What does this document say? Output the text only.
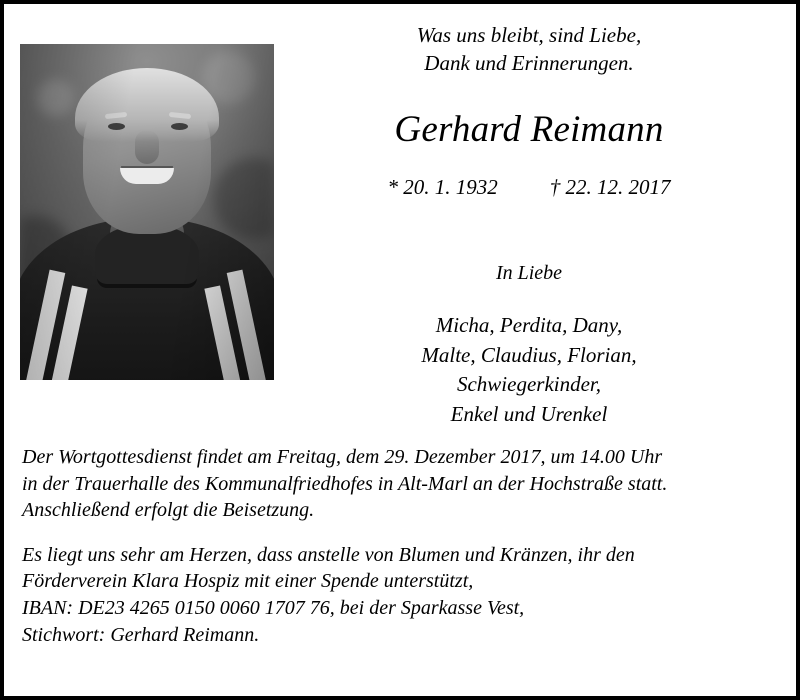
Was uns bleibt, sind Liebe,
Dank und Erinnerungen.
Gerhard Reimann
* 20. 1. 1932 † 22. 12. 2017
In Liebe
Micha, Perdita, Dany,
Malte, Claudius, Florian,
Schwiegerkinder,
Enkel und Urenkel
Der Wortgottesdienst findet am Freitag, dem 29. Dezember 2017, um 14.00 Uhr
in der Trauerhalle des Kommunalfriedhofes in Alt-Marl an der Hochstraße statt.
Anschließend erfolgt die Beisetzung.
Es liegt uns sehr am Herzen, dass anstelle von Blumen und Kränzen, ihr den
Förderverein Klara Hospiz mit einer Spende unterstützt,
IBAN: DE23 4265 0150 0060 1707 76, bei der Sparkasse Vest,
Stichwort: Gerhard Reimann.
